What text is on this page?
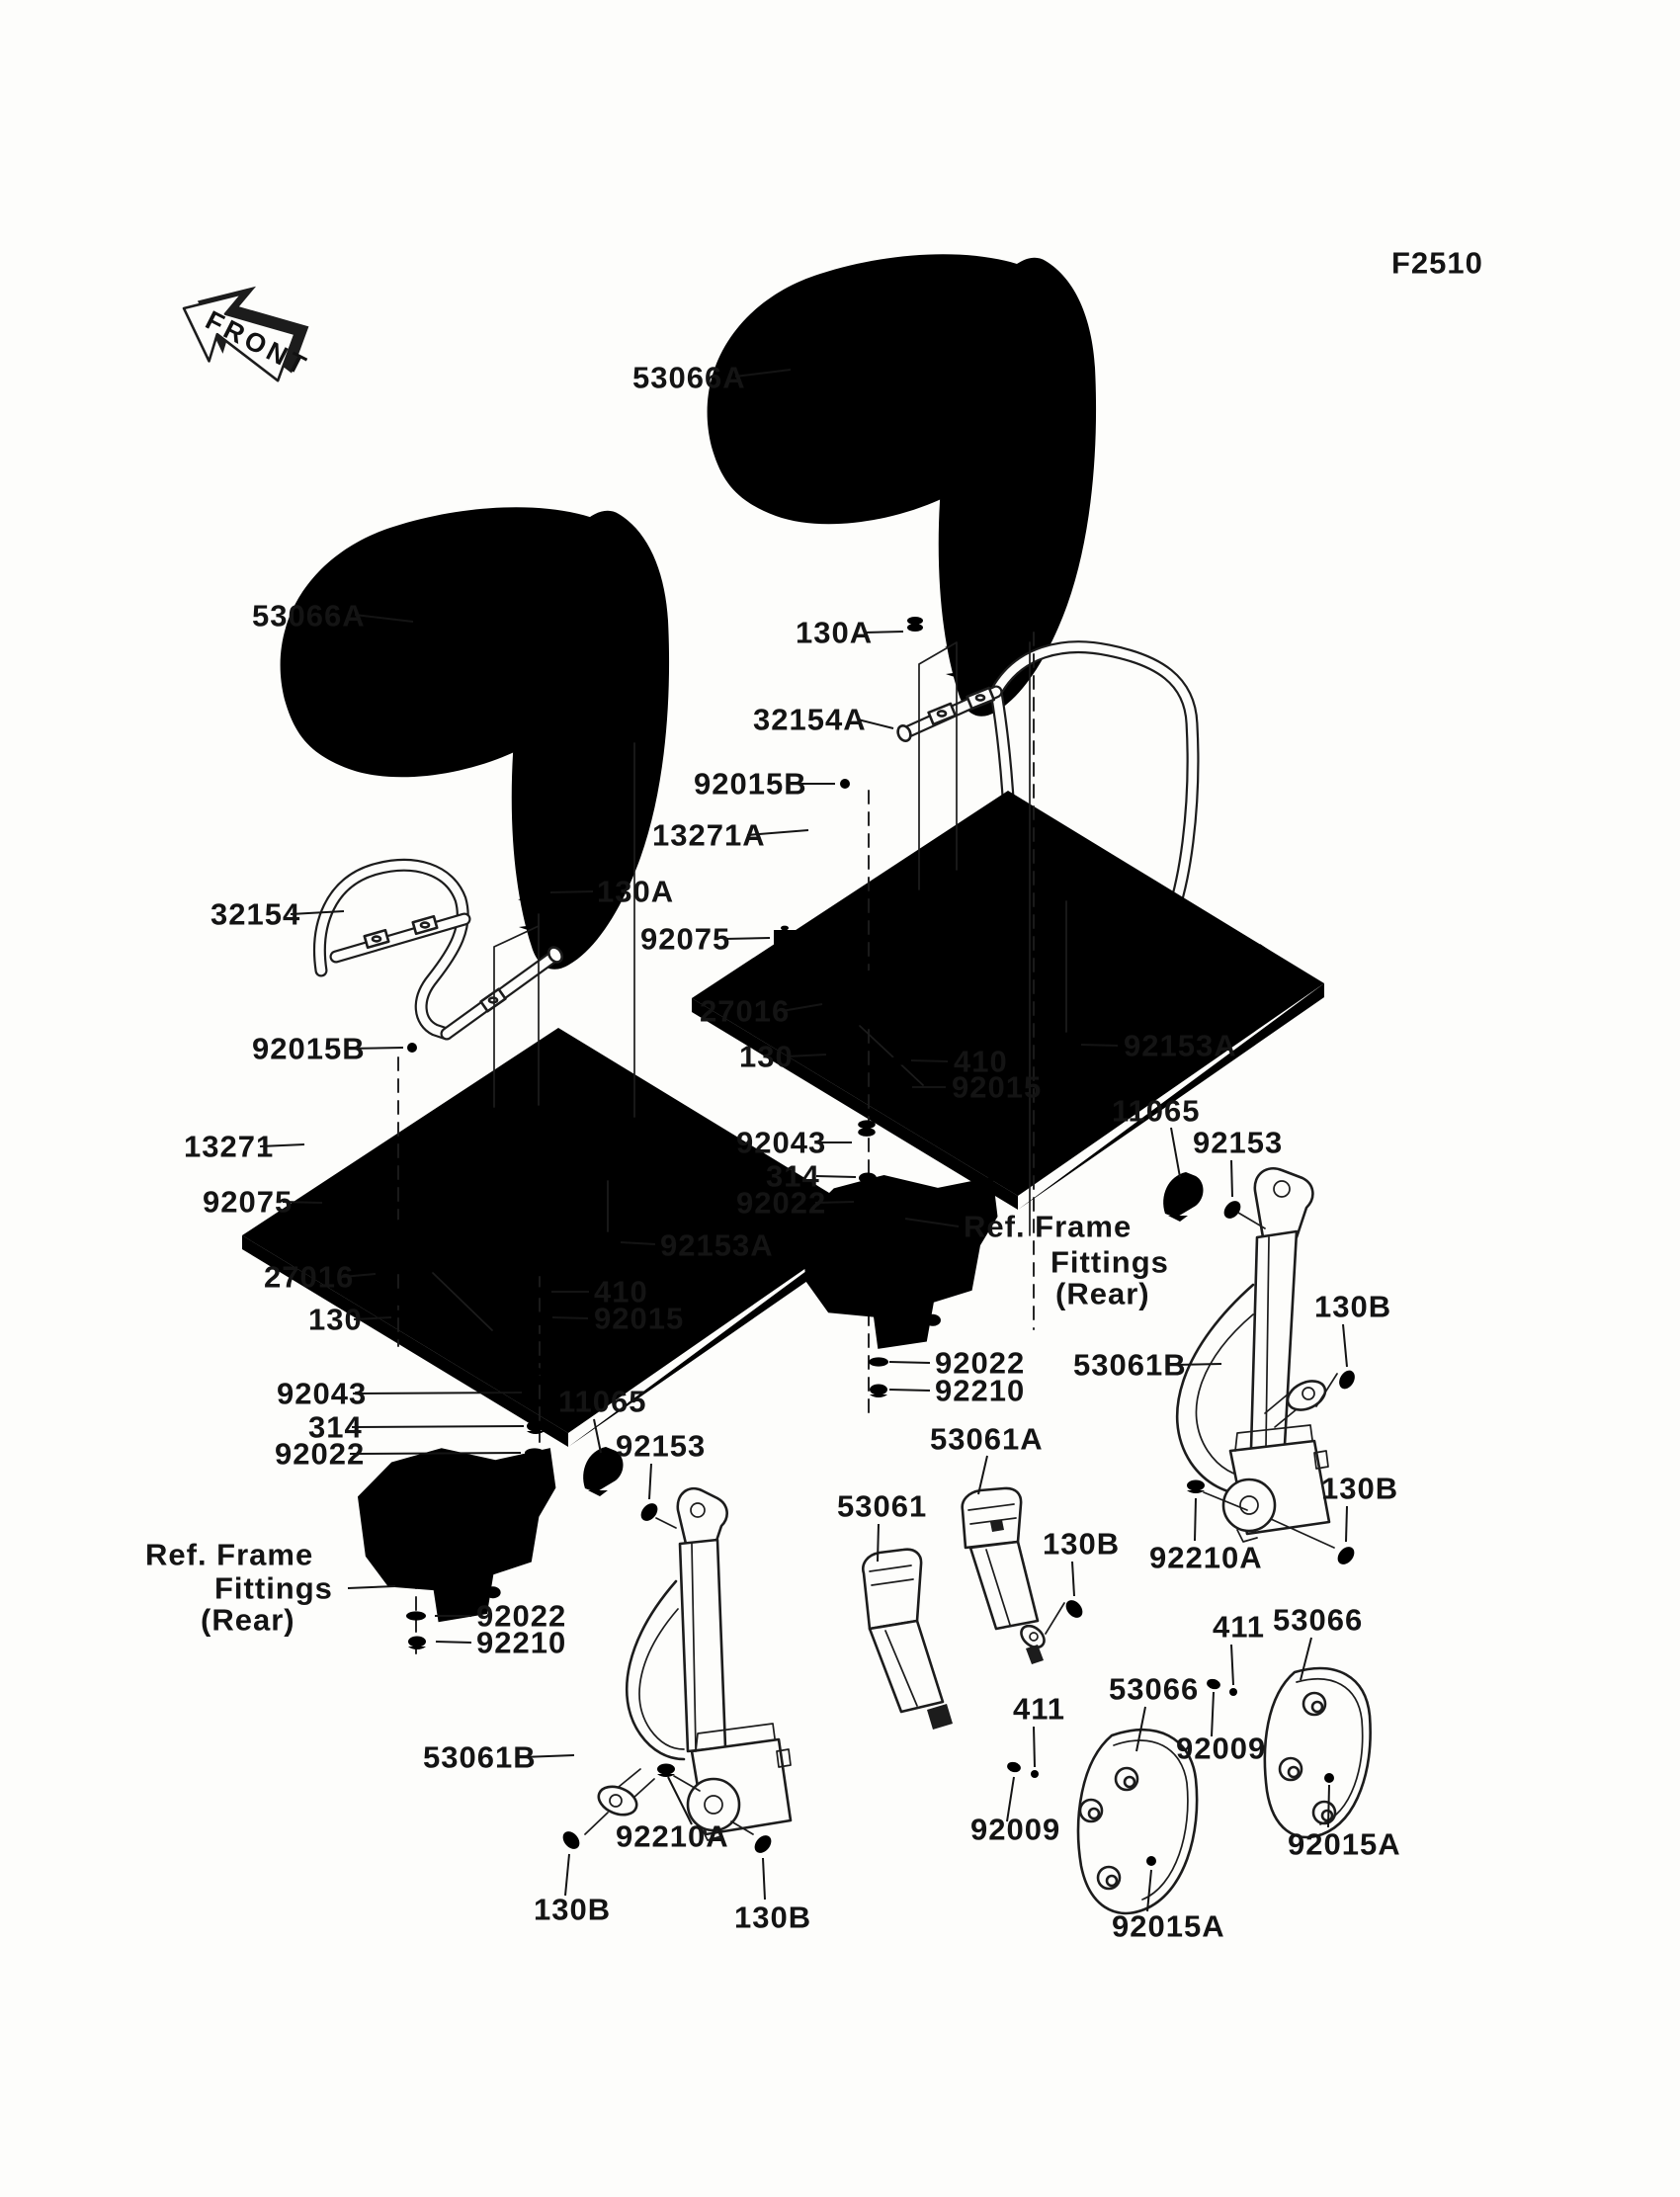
FRONT	53066A
53066A	130A
32154A
92015B
13271A
92075
27016
130	410
92015
92153A
92043
314
92022
Ref. Frame
Fittings
(Rear)
92022
92210
11065
92153
53061B
130B
92210A
130B
53066
411
92009
92015A
130A
32154
92015B
13271
92075
27016
130
410
92015
92153A
92043
314
92022
Ref. Frame
Fittings
(Rear)	92022
92210
11065
92153
53061B
92210A
130B	130B
53061
53061A
130B
53066
411
92009
92015A
F2510
